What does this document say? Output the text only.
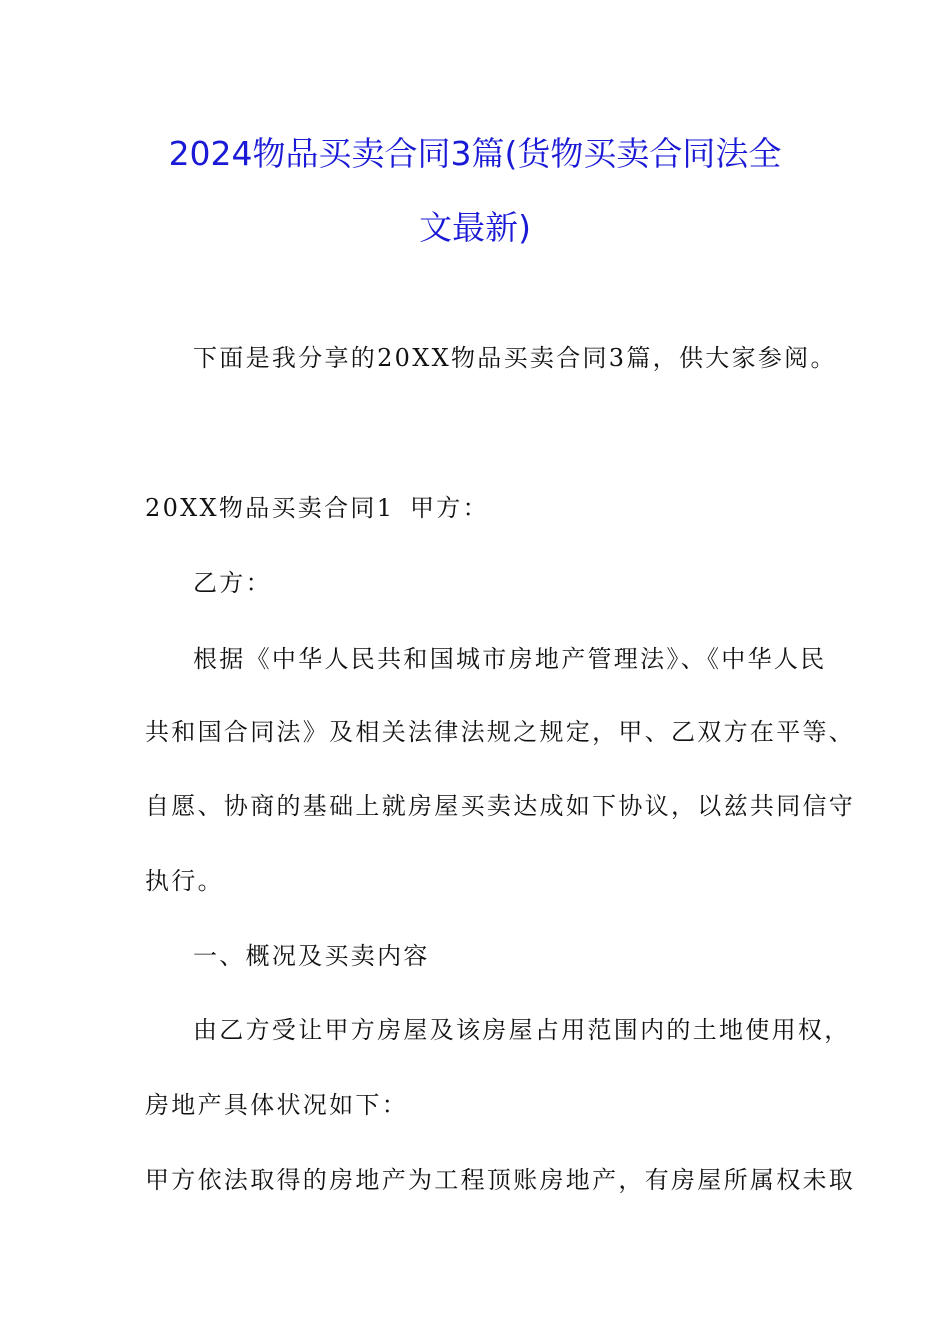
2024物品买卖合同3篇(货物买卖合同法全
文最新)
下面是我分享的20XX物品买卖合同3篇，供大家参阅。
20XX物品买卖合同1 甲方：
乙方：
根据《中华人民共和国城市房地产管理法》、《中华人民
共和国合同法》及相关法律法规之规定，甲、乙双方在平等、
自愿、协商的基础上就房屋买卖达成如下协议，以兹共同信守
执行。
一、概况及买卖内容
由乙方受让甲方房屋及该房屋占用范围内的土地使用权，
房地产具体状况如下：
甲方依法取得的房地产为工程顶账房地产，有房屋所属权未取
